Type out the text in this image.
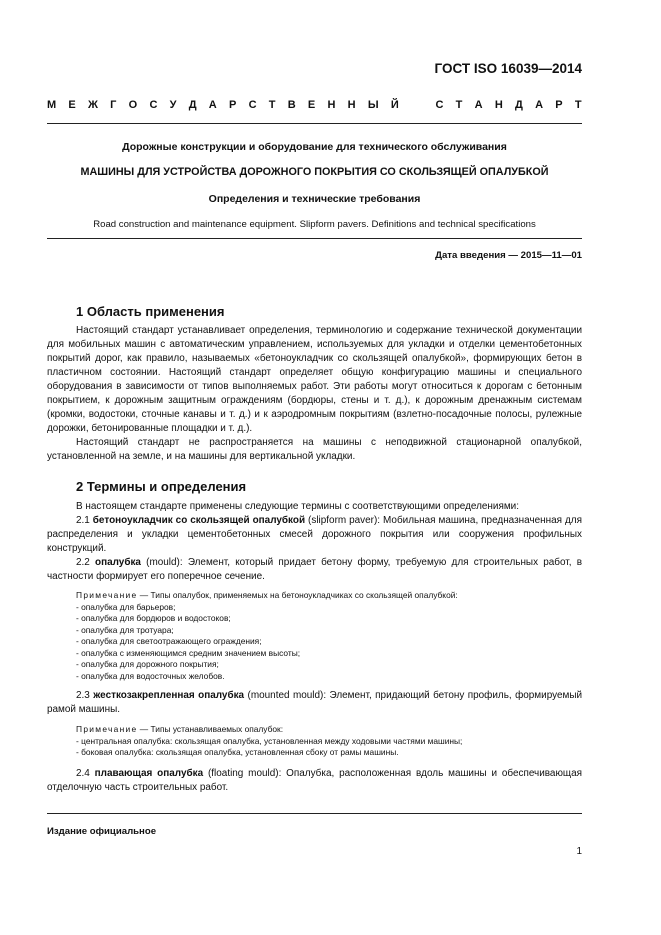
ГОСТ ISO 16039—2014
М Е Ж Г О С У Д А Р С Т В Е Н Н Ы Й	С Т А Н Д А Р Т
Дорожные конструкции и оборудование для технического обслуживания
МАШИНЫ ДЛЯ УСТРОЙСТВА ДОРОЖНОГО ПОКРЫТИЯ СО СКОЛЬЗЯЩЕЙ ОПАЛУБКОЙ
Определения и технические требования
Road construction and maintenance equipment. Slipform pavers. Definitions and technical specifications
Дата введения — 2015—11—01
1 Область применения

Настоящий стандарт устанавливает определения, терминологию и содержание технической документации для мобильных машин с автоматическим управлением, используемых для укладки и отделки цементобетонных покрытий дорог, как правило, называемых «бетоноукладчик со скользящей опалубкой», формирующих бетон в пластичном состоянии. Настоящий стандарт определяет общую конфигурацию машины и специального оборудования в зависимости от типов выполняемых работ. Эти работы могут относиться к дорогам с бетонным покрытием, к дорожным защитным ограждениям (бордюры, стены и т. д.), к дорожным дренажным системам (кромки, водостоки, сточные канавы и т. д.) и к аэродромным покрытиям (взлетно-посадочные полосы, рулежные дорожки, бетонированные площадки и т. д.).

Настоящий стандарт не распространяется на машины с неподвижной стационарной опалубкой, установленной на земле, и на машины для вертикальной укладки.

2 Термины и определения

В настоящем стандарте применены следующие термины с соответствующими определениями:

2.1 бетоноукладчик со скользящей опалубкой (slipform paver): Мобильная машина, предназначенная для распределения и укладки цементобетонных смесей дорожного покрытия или сооружения профильных конструкций.

2.2 опалубка (mould): Элемент, который придает бетону форму, требуемую для строительных работ, в частности формирует его поперечное сечение.

Примечание — Типы опалубок, применяемых на бетоноукладчиках со скользящей опалубкой:

- опалубка для барьеров;

- опалубка для бордюров и водостоков;

- опалубка для тротуара;

- опалубка для светоотражающего ограждения;

- опалубка с изменяющимся средним значением высоты;

- опалубка для дорожного покрытия;

- опалубка для водосточных желобов.

2.3 жесткозакрепленная опалубка (mounted mould): Элемент, придающий бетону профиль, формируемый рамой машины.

Примечание — Типы устанавливаемых опалубок:

- центральная опалубка: скользящая опалубка, установленная между ходовыми частями машины;

- боковая опалубка: скользящая опалубка, установленная сбоку от рамы машины.

2.4 плавающая опалубка (floating mould): Опалубка, расположенная вдоль машины и обеспечивающая отделочную часть строительных работ.

Издание официальное
1
